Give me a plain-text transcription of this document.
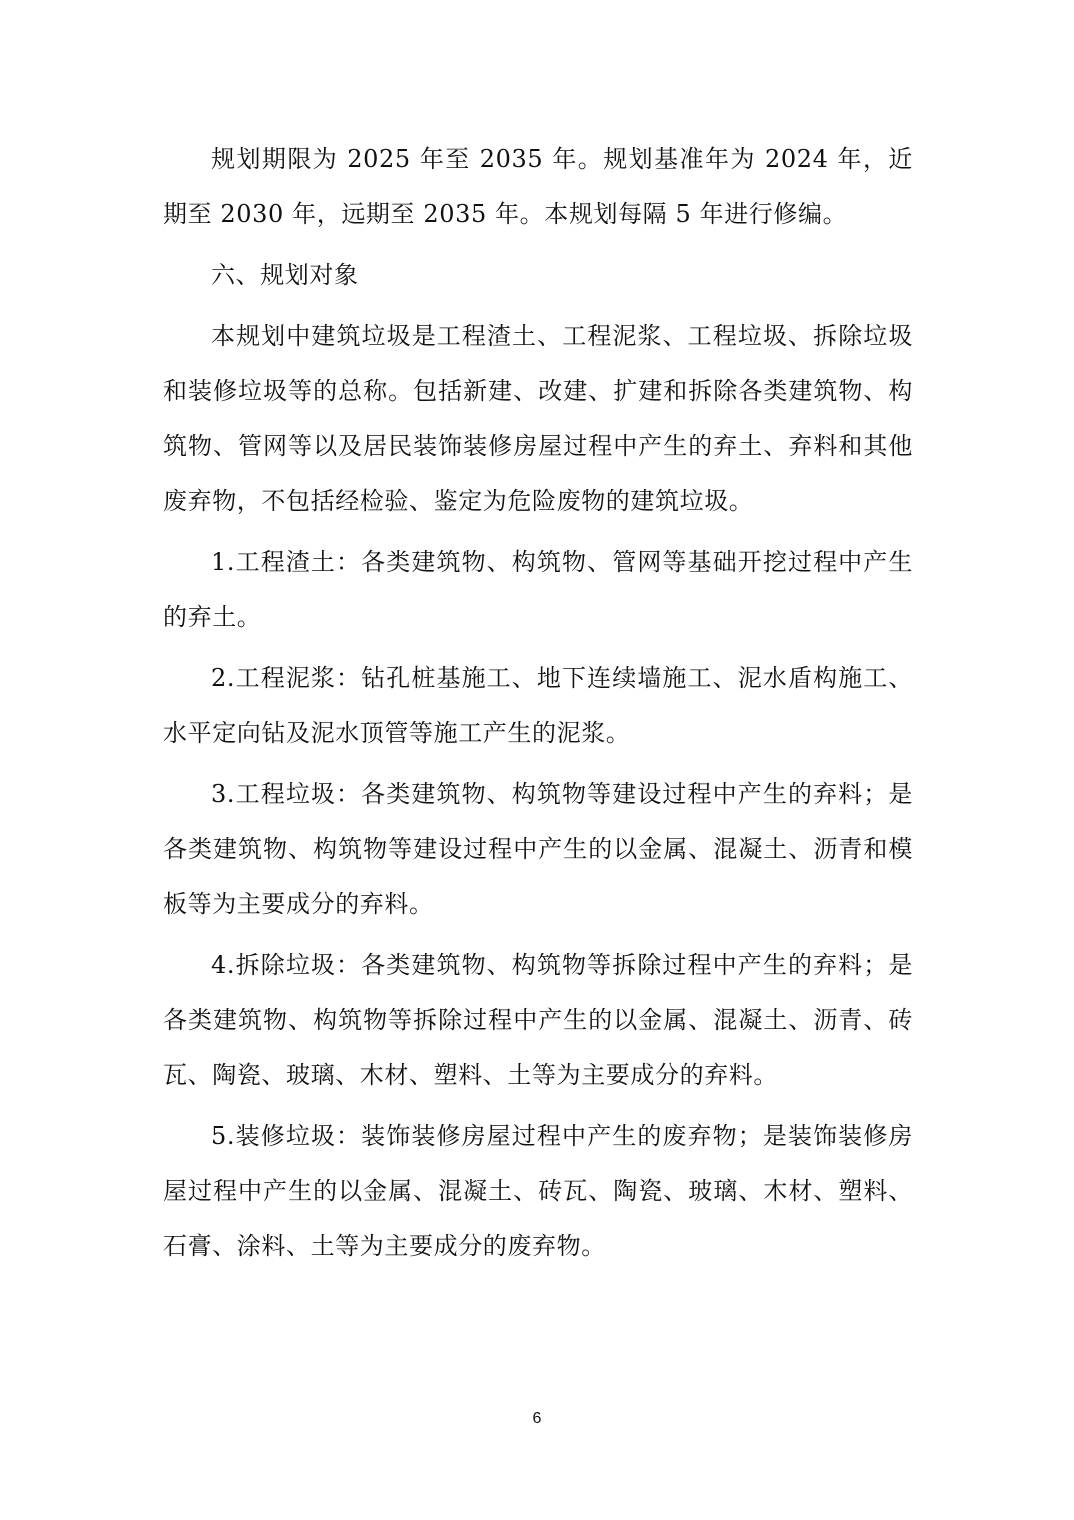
规划期限为 2025 年至 2035 年。规划基准年为 2024 年，近期至 2030 年，远期至 2035 年。本规划每隔 5 年进行修编。

六、规划对象

本规划中建筑垃圾是工程渣土、工程泥浆、工程垃圾、拆除垃圾和装修垃圾等的总称。包括新建、改建、扩建和拆除各类建筑物、构筑物、管网等以及居民装饰装修房屋过程中产生的弃土、弃料和其他废弃物，不包括经检验、鉴定为危险废物的建筑垃圾。

1.工程渣土：各类建筑物、构筑物、管网等基础开挖过程中产生的弃土。

2.工程泥浆：钻孔桩基施工、地下连续墙施工、泥水盾构施工、水平定向钻及泥水顶管等施工产生的泥浆。

3.工程垃圾：各类建筑物、构筑物等建设过程中产生的弃料；是各类建筑物、构筑物等建设过程中产生的以金属、混凝土、沥青和模板等为主要成分的弃料。

4.拆除垃圾：各类建筑物、构筑物等拆除过程中产生的弃料；是各类建筑物、构筑物等拆除过程中产生的以金属、混凝土、沥青、砖瓦、陶瓷、玻璃、木材、塑料、土等为主要成分的弃料。

5.装修垃圾：装饰装修房屋过程中产生的废弃物；是装饰装修房屋过程中产生的以金属、混凝土、砖瓦、陶瓷、玻璃、木材、塑料、石膏、涂料、土等为主要成分的废弃物。

6
